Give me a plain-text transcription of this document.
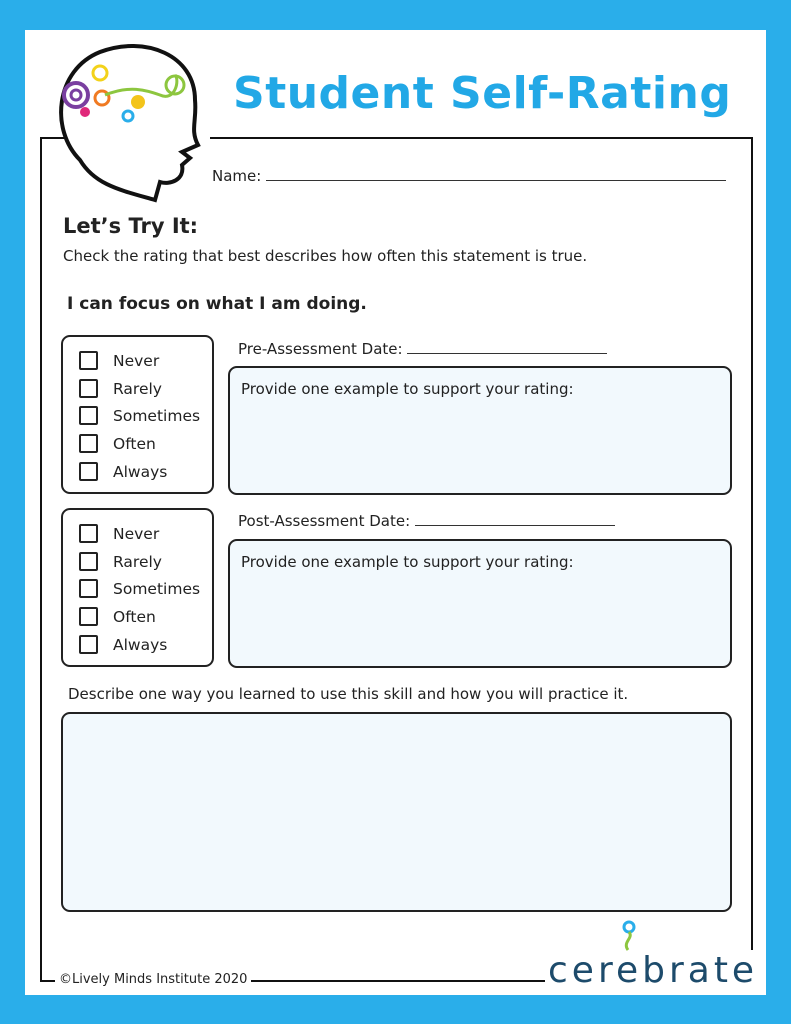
Student Self-Rating
Name:
Let’s Try It:
Check the rating that best describes how often this statement is true.
I can focus on what I am doing.
Never
Rarely
Sometimes
Often
Always
Pre-Assessment Date:
Provide one example to support your rating:
Never
Rarely
Sometimes
Often
Always
Post-Assessment Date:
Provide one example to support your rating:
Describe one way you learned to use this skill and how you will practice it.
©Lively Minds Institute 2020	cerebrate
